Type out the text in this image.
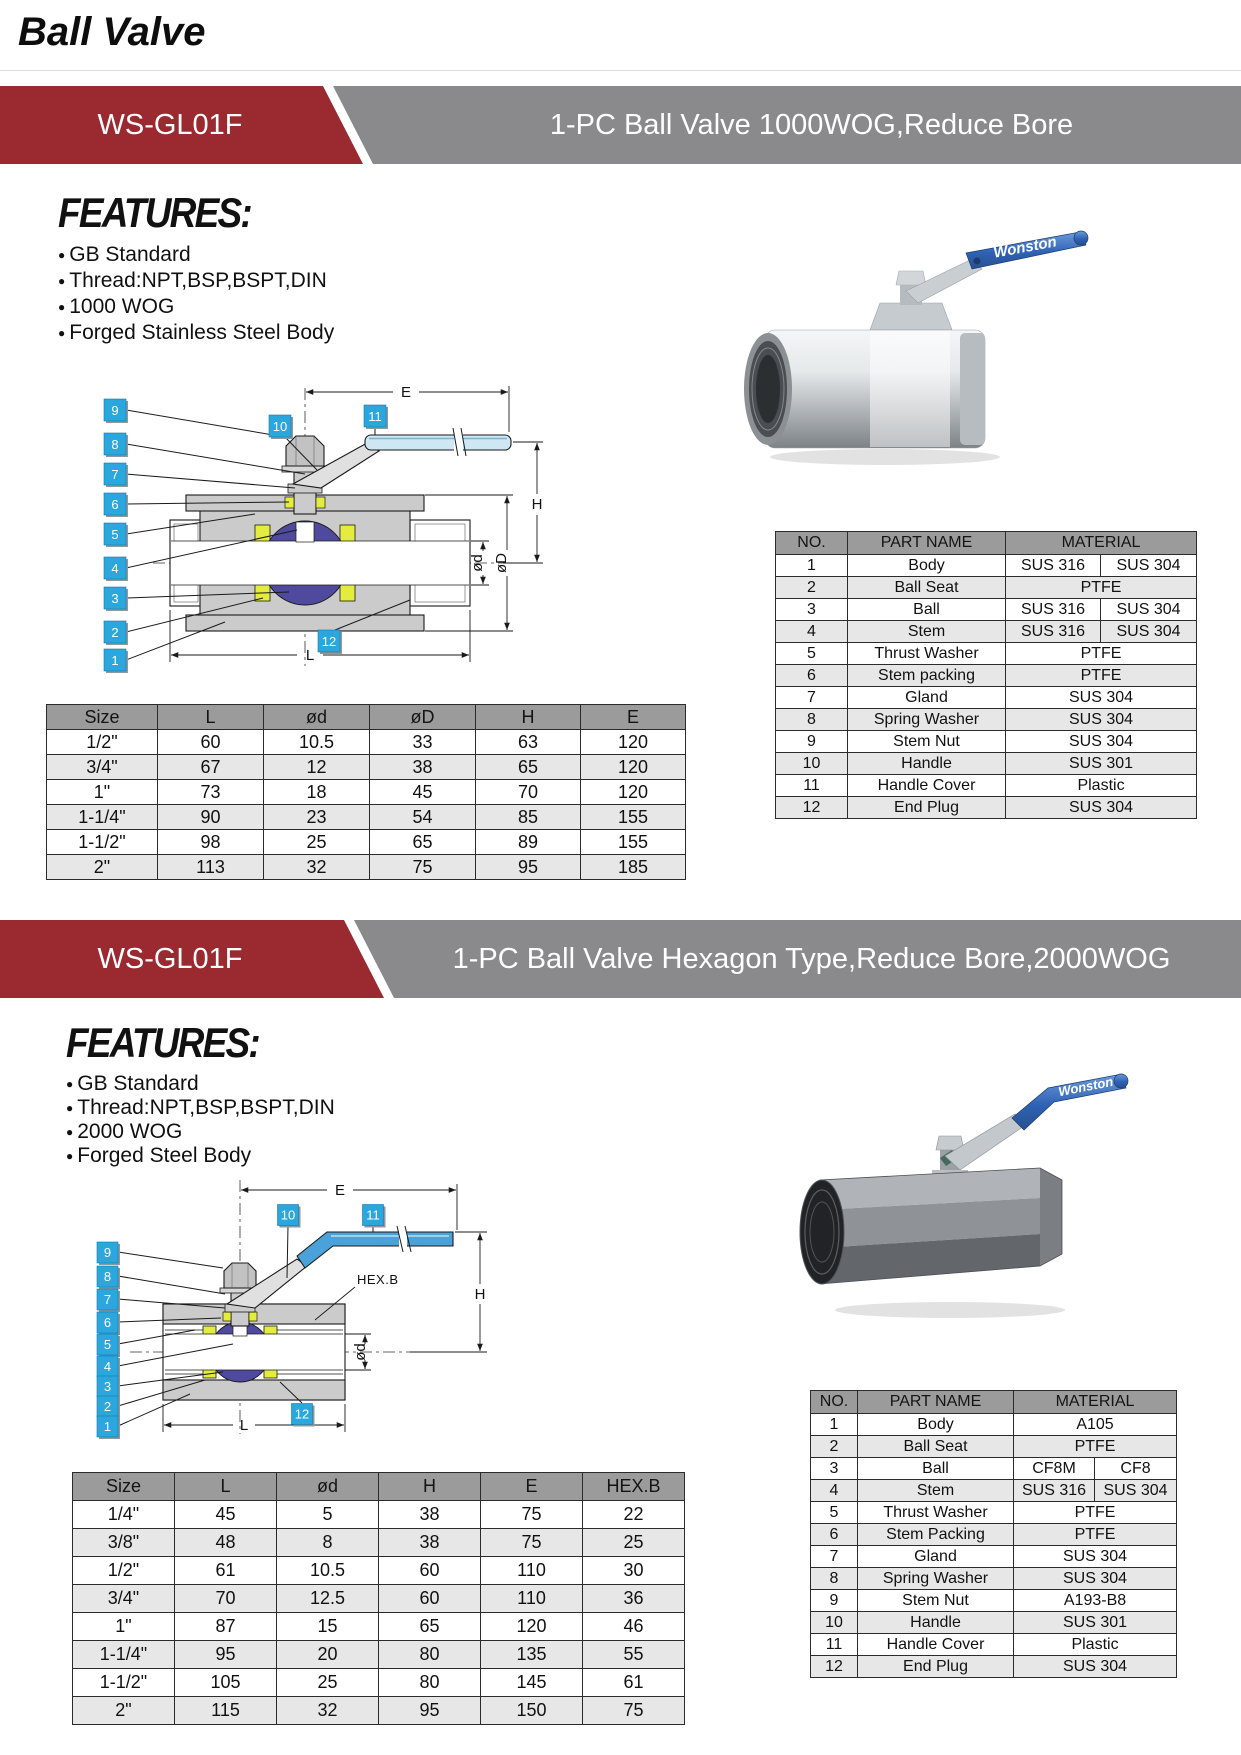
Ball Valve
WS-GL01F	1-PC Ball Valve 1000WOG,Reduce Bore
FEATURES:
● GB Standard
● Thread:NPT,BSP,BSPT,DIN
● 1000 WOG
● Forged Stainless Steel Body
E
H
ød øD
L
9
8
7
6
5
4
3
2
1
10
11
12
Wonston
NO.	PART NAME	MATERIAL	
1	Body	SUS 316	SUS 304
2	Ball Seat	PTFE	
3	Ball	SUS 316	SUS 304
4	Stem	SUS 316	SUS 304
5	Thrust Washer	PTFE	
6	Stem packing	PTFE	
7	Gland	SUS 304	
8	Spring Washer	SUS 304	
9	Stem Nut	SUS 304	
10	Handle	SUS 301	
11	Handle Cover	Plastic	
12	End Plug	SUS 304	
Size	L	ød	øD	H	E
1/2"	60	10.5	33	63	120
3/4"	67	12	38	65	120
1"	73	18	45	70	120
1-1/4"	90	23	54	85	155
1-1/2"	98	25	65	89	155
2"	113	32	75	95	185
WS-GL01F	1-PC Ball Valve Hexagon Type,Reduce Bore,2000WOG
FEATURES:
● GB Standard
● Thread:NPT,BSP,BSPT,DIN
● 2000 WOG
● Forged Steel Body
E
H
ød
L
HEX.B
9
8
7
6
5
4
3
2
1
10	11
12
Wonston
Size	L	ød	H	E	HEX.B
1/4"	45	5	38	75	22
3/8"	48	8	38	75	25
1/2"	61	10.5	60	110	30
3/4"	70	12.5	60	110	36
1"	87	15	65	120	46
1-1/4"	95	20	80	135	55
1-1/2"	105	25	80	145	61
2"	115	32	95	150	75
NO.	PART NAME	MATERIAL	
1	Body	A105	
2	Ball Seat	PTFE	
3	Ball	CF8M	CF8
4	Stem	SUS 316	SUS 304
5	Thrust Washer	PTFE	
6	Stem Packing	PTFE	
7	Gland	SUS 304	
8	Spring Washer	SUS 304	
9	Stem Nut	A193-B8	
10	Handle	SUS 301	
11	Handle Cover	Plastic	
12	End Plug	SUS 304	
